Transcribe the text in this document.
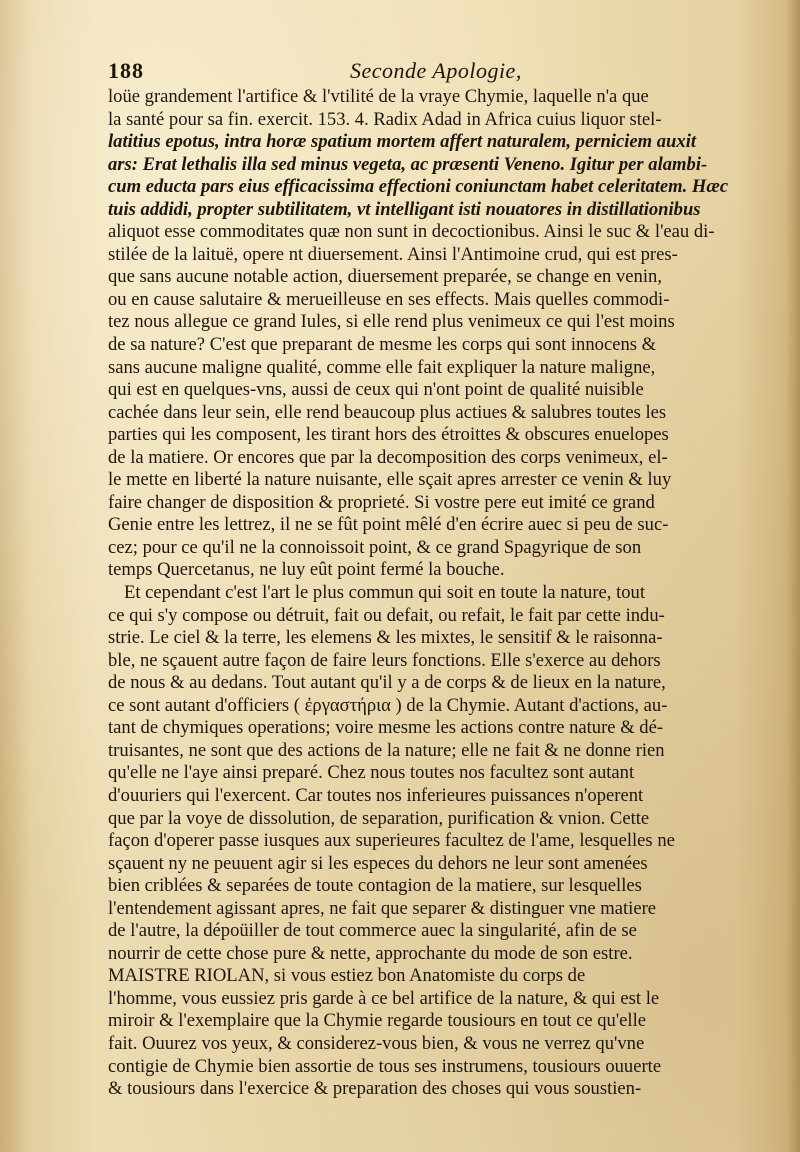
188	Seconde Apologie,
loüe grandement l'artifice & l'vtilité de la vraye Chymie, laquelle n'a que
la santé pour sa fin. exercit. 153. 4. Radix Adad in Africa cuius liquor stel-
latitius epotus, intra horæ spatium mortem affert naturalem, perniciem auxit
ars: Erat lethalis illa sed minus vegeta, ac præsenti Veneno. Igitur per alambi-
cum educta pars eius efficacissima effectioni coniunctam habet celeritatem. Hæc
tuis addidi, propter subtilitatem, vt intelligant isti nouatores in distillationibus
aliquot esse commoditates quæ non sunt in decoctionibus. Ainsi le suc & l'eau di-
stilée de la laituë, opere nt diuersement. Ainsi l'Antimoine crud, qui est pres-
que sans aucune notable action, diuersement preparée, se change en venin,
ou en cause salutaire & merueilleuse en ses effects. Mais quelles commodi-
tez nous allegue ce grand Iules, si elle rend plus venimeux ce qui l'est moins
de sa nature? C'est que preparant de mesme les corps qui sont innocens &
sans aucune maligne qualité, comme elle fait expliquer la nature maligne,
qui est en quelques-vns, aussi de ceux qui n'ont point de qualité nuisible
cachée dans leur sein, elle rend beaucoup plus actiues & salubres toutes les
parties qui les composent, les tirant hors des étroittes & obscures enuelopes
de la matiere. Or encores que par la decomposition des corps venimeux, el-
le mette en liberté la nature nuisante, elle sçait apres arrester ce venin & luy
faire changer de disposition & proprieté. Si vostre pere eut imité ce grand
Genie entre les lettrez, il ne se fût point mêlé d'en écrire auec si peu de suc-
cez; pour ce qu'il ne la connoissoit point, & ce grand Spagyrique de son
temps Quercetanus, ne luy eût point fermé la bouche.
Et cependant c'est l'art le plus commun qui soit en toute la nature, tout
ce qui s'y compose ou détruit, fait ou defait, ou refait, le fait par cette indu-
strie. Le ciel & la terre, les elemens & les mixtes, le sensitif & le raisonna-
ble, ne sçauent autre façon de faire leurs fonctions. Elle s'exerce au dehors
de nous & au dedans. Tout autant qu'il y a de corps & de lieux en la nature,
ce sont autant d'officiers ( ἐργαστήρια ) de la Chymie. Autant d'actions, au-
tant de chymiques operations; voire mesme les actions contre nature & dé-
truisantes, ne sont que des actions de la nature; elle ne fait & ne donne rien
qu'elle ne l'aye ainsi preparé. Chez nous toutes nos facultez sont autant
d'ouuriers qui l'exercent. Car toutes nos inferieures puissances n'operent
que par la voye de dissolution, de separation, purification & vnion. Cette
façon d'operer passe iusques aux superieures facultez de l'ame, lesquelles ne
sçauent ny ne peuuent agir si les especes du dehors ne leur sont amenées
bien criblées & separées de toute contagion de la matiere, sur lesquelles
l'entendement agissant apres, ne fait que separer & distinguer vne matiere
de l'autre, la dépoüiller de tout commerce auec la singularité, afin de se
nourrir de cette chose pure & nette, approchante du mode de son estre.
MAISTRE RIOLAN, si vous estiez bon Anatomiste du corps de
l'homme, vous eussiez pris garde à ce bel artifice de la nature, & qui est le
miroir & l'exemplaire que la Chymie regarde tousiours en tout ce qu'elle
fait. Ouurez vos yeux, & considerez-vous bien, & vous ne verrez qu'vne
contigie de Chymie bien assortie de tous ses instrumens, tousiours ouuerte
& tousiours dans l'exercice & preparation des choses qui vous soustien-
